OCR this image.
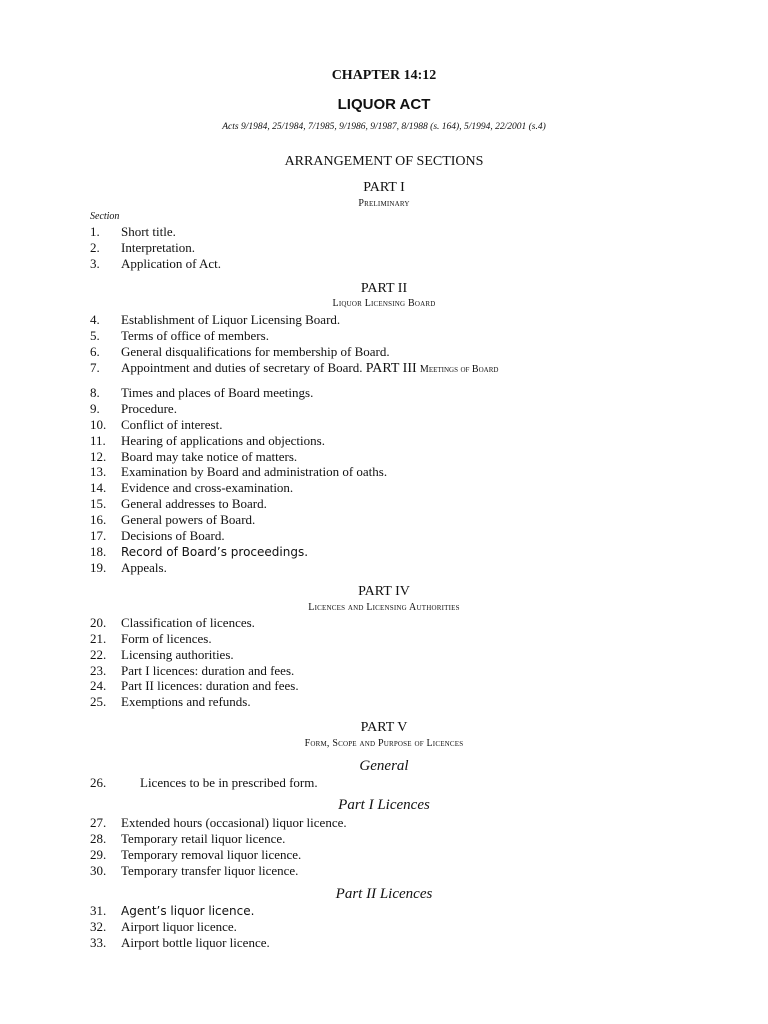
CHAPTER 14:12
LIQUOR ACT
Acts 9/1984, 25/1984, 7/1985, 9/1986, 9/1987, 8/1988 (s. 164), 5/1994, 22/2001 (s.4)
ARRANGEMENT OF SECTIONS
PART I
Preliminary
Section
1. Short title.
2. Interpretation.
3. Application of Act.
PART II
Liquor Licensing Board
4. Establishment of Liquor Licensing Board.
5. Terms of office of members.
6. General disqualifications for membership of Board.
7. Appointment and duties of secretary of Board. PART III Meetings of Board
8. Times and places of Board meetings.
9. Procedure.
10. Conflict of interest.
11. Hearing of applications and objections.
12. Board may take notice of matters.
13. Examination by Board and administration of oaths.
14. Evidence and cross-examination.
15. General addresses to Board.
16. General powers of Board.
17. Decisions of Board.
18. Record of Board’s proceedings.
19. Appeals.
PART IV
Licences and Licensing Authorities
20. Classification of licences.
21. Form of licences.
22. Licensing authorities.
23. Part I licences: duration and fees.
24. Part II licences: duration and fees.
25. Exemptions and refunds.
PART V
Form, Scope and Purpose of Licences
General
26.	Licences to be in prescribed form.
Part I Licences
27. Extended hours (occasional) liquor licence.
28. Temporary retail liquor licence.
29. Temporary removal liquor licence.
30. Temporary transfer liquor licence.
Part II Licences
31. Agent’s liquor licence.
32. Airport liquor licence.
33. Airport bottle liquor licence.
